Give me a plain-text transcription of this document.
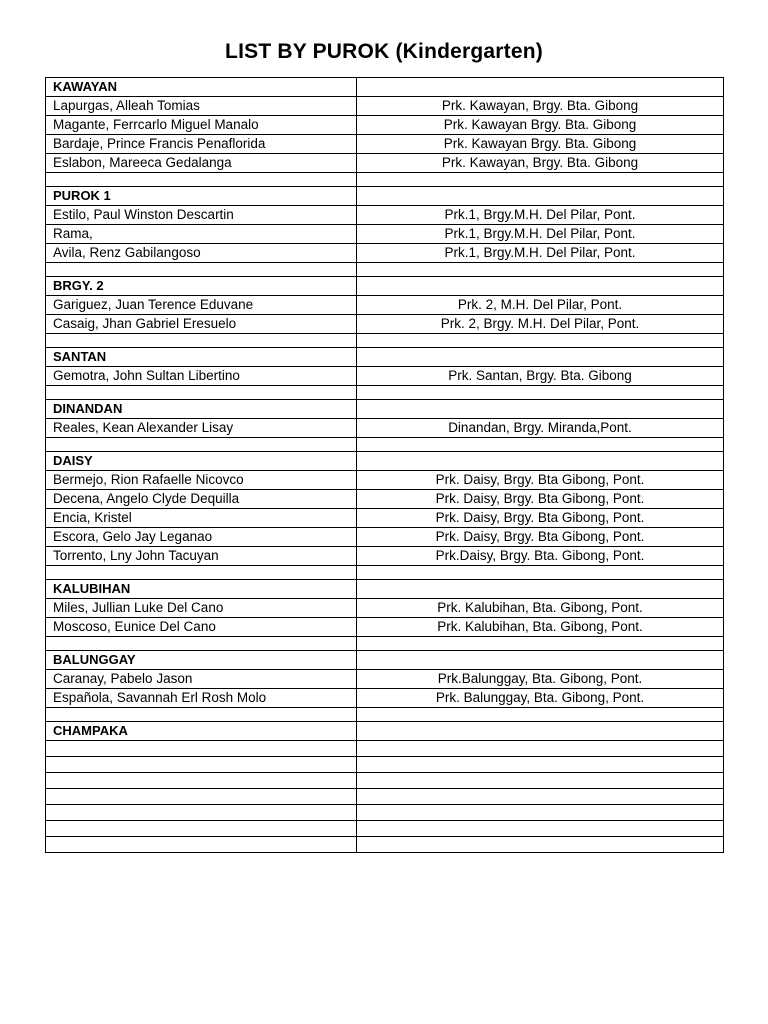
LIST BY PUROK (Kindergarten)
KAWAYAN	
Lapurgas, Alleah Tomias	Prk. Kawayan, Brgy. Bta. Gibong
Magante, Ferrcarlo Miguel Manalo	Prk. Kawayan Brgy. Bta. Gibong
Bardaje, Prince Francis Penaflorida	Prk. Kawayan Brgy. Bta. Gibong
Eslabon, Mareeca Gedalanga	Prk. Kawayan, Brgy. Bta. Gibong

PUROK 1	
Estilo, Paul Winston Descartin	Prk.1, Brgy.M.H. Del Pilar, Pont.
Rama,	Prk.1, Brgy.M.H. Del Pilar, Pont.
Avila, Renz Gabilangoso	Prk.1, Brgy.M.H. Del Pilar, Pont.

BRGY. 2	
Gariguez, Juan Terence Eduvane	Prk. 2, M.H. Del Pilar, Pont.
Casaig, Jhan Gabriel Eresuelo	Prk. 2, Brgy. M.H. Del Pilar, Pont.

SANTAN	
Gemotra, John Sultan Libertino	Prk. Santan, Brgy. Bta. Gibong

DINANDAN	
Reales, Kean Alexander Lisay	Dinandan, Brgy. Miranda,Pont.

DAISY	
Bermejo, Rion Rafaelle Nicovco	Prk. Daisy, Brgy. Bta Gibong, Pont.
Decena, Angelo Clyde Dequilla	Prk. Daisy, Brgy. Bta Gibong, Pont.
Encia, Kristel	Prk. Daisy, Brgy. Bta Gibong, Pont.
Escora, Gelo Jay Leganao	Prk. Daisy, Brgy. Bta Gibong, Pont.
Torrento, Lny John Tacuyan	Prk.Daisy, Brgy. Bta. Gibong, Pont.

KALUBIHAN	
Miles, Jullian Luke Del Cano	Prk. Kalubihan, Bta. Gibong, Pont.
Moscoso, Eunice Del Cano	Prk. Kalubihan, Bta. Gibong, Pont.

BALUNGGAY	
Caranay, Pabelo Jason	Prk.Balunggay, Bta. Gibong, Pont.
Española, Savannah Erl Rosh Molo	Prk. Balunggay, Bta. Gibong, Pont.

CHAMPAKA	
